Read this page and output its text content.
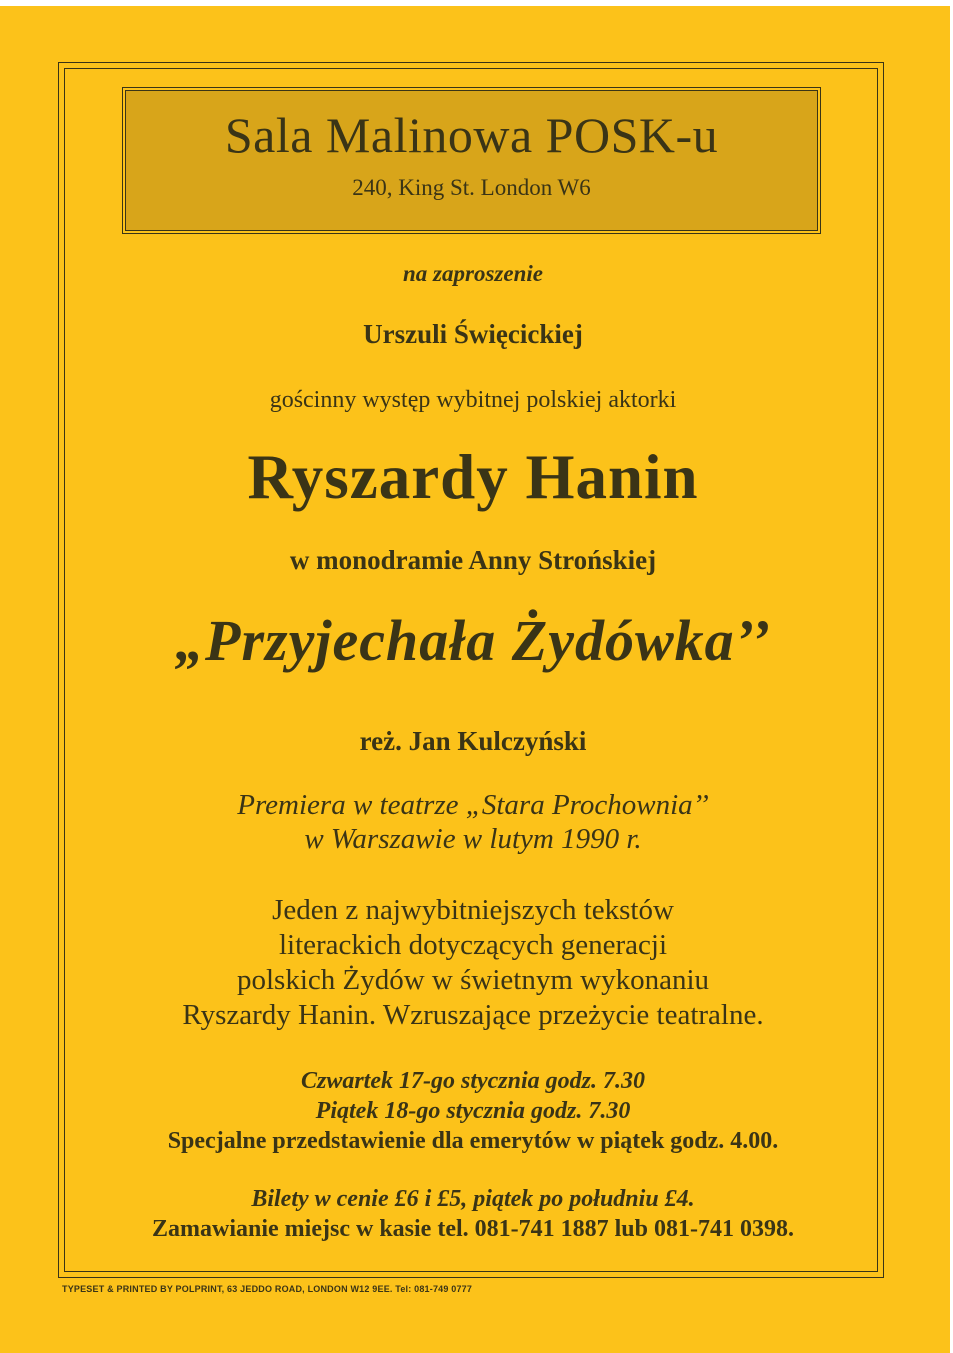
Sala Malinowa POSK-u
240, King St. London W6
na zaproszenie
Urszuli Święcickiej
gościnny występ wybitnej polskiej aktorki
Ryszardy Hanin
w monodramie Anny Strońskiej
„Przyjechała Żydówka’’
reż. Jan Kulczyński
Premiera w teatrze „Stara Prochownia’’
w Warszawie w lutym 1990 r.
Jeden z najwybitniejszych tekstów
literackich dotyczących generacji
polskich Żydów w świetnym wykonaniu
Ryszardy Hanin. Wzruszające przeżycie teatralne.
Czwartek 17-go stycznia godz. 7.30
Piątek 18-go stycznia godz. 7.30
Specjalne przedstawienie dla emerytów w piątek godz. 4.00.
Bilety w cenie £6 i £5, piątek po południu £4.
Zamawianie miejsc w kasie tel. 081-741 1887 lub 081-741 0398.
TYPESET & PRINTED BY POLPRINT, 63 JEDDO ROAD, LONDON W12 9EE. Tel: 081-749 0777
